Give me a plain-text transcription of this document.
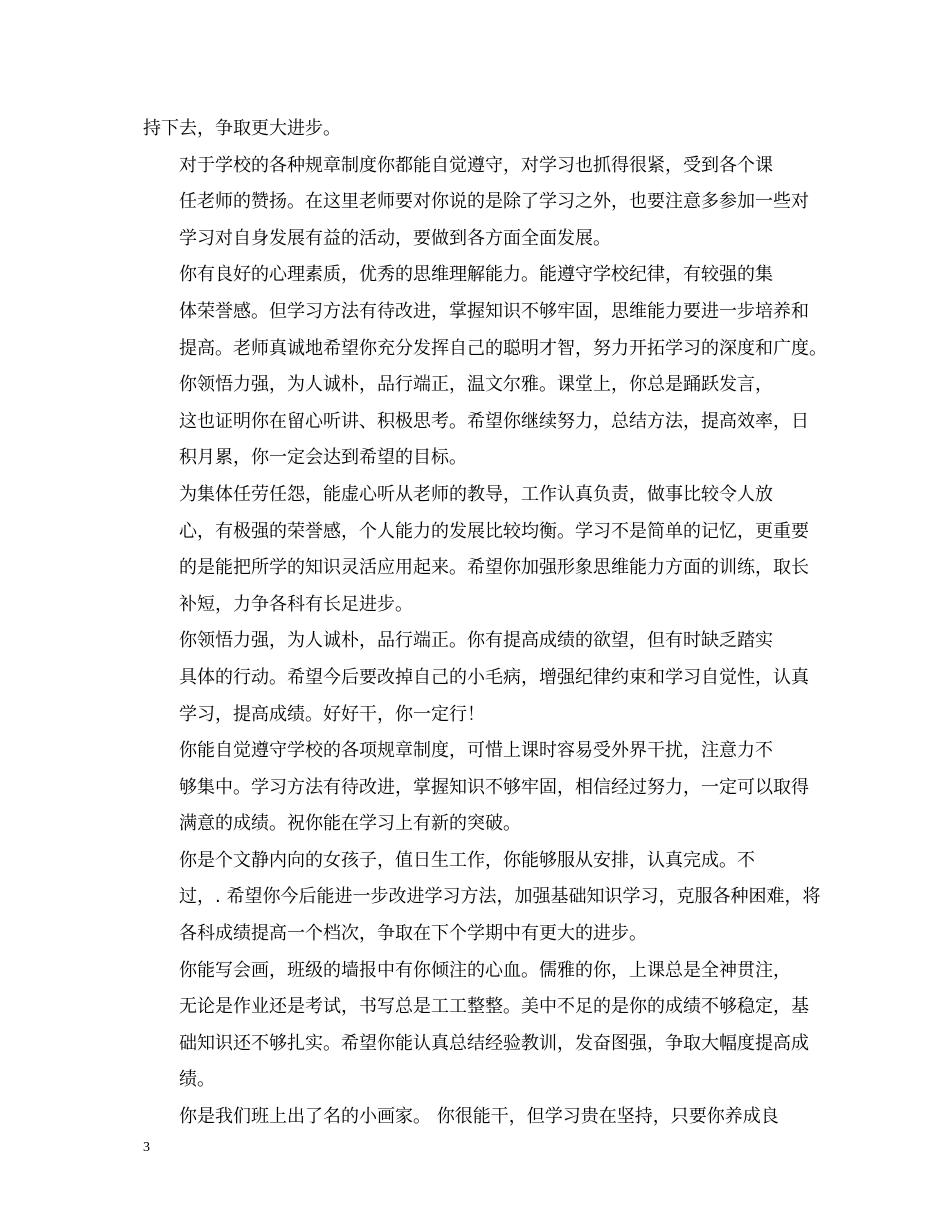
持下去，争取更大进步。
对于学校的各种规章制度你都能自觉遵守，对学习也抓得很紧，受到各个课
任老师的赞扬。在这里老师要对你说的是除了学习之外，也要注意多参加一些对
学习对自身发展有益的活动，要做到各方面全面发展。
你有良好的心理素质，优秀的思维理解能力。能遵守学校纪律，有较强的集
体荣誉感。但学习方法有待改进，掌握知识不够牢固，思维能力要进一步培养和
提高。老师真诚地希望你充分发挥自己的聪明才智，努力开拓学习的深度和广度。
你领悟力强，为人诚朴，品行端正，温文尔雅。课堂上，你总是踊跃发言，
这也证明你在留心听讲、积极思考。希望你继续努力，总结方法，提高效率，日
积月累，你一定会达到希望的目标。
为集体任劳任怨，能虚心听从老师的教导，工作认真负责，做事比较令人放
心，有极强的荣誉感，个人能力的发展比较均衡。学习不是简单的记忆，更重要
的是能把所学的知识灵活应用起来。希望你加强形象思维能力方面的训练，取长
补短，力争各科有长足进步。
你领悟力强，为人诚朴，品行端正。你有提高成绩的欲望，但有时缺乏踏实
具体的行动。希望今后要改掉自己的小毛病，增强纪律约束和学习自觉性，认真
学习，提高成绩。好好干，你一定行！
你能自觉遵守学校的各项规章制度，可惜上课时容易受外界干扰，注意力不
够集中。学习方法有待改进，掌握知识不够牢固，相信经过努力，一定可以取得
满意的成绩。祝你能在学习上有新的突破。
你是个文静内向的女孩子，值日生工作，你能够服从安排，认真完成。不
过，. 希望你今后能进一步改进学习方法，加强基础知识学习，克服各种困难，将
各科成绩提高一个档次，争取在下个学期中有更大的进步。
你能写会画，班级的墙报中有你倾注的心血。儒雅的你，上课总是全神贯注，
无论是作业还是考试，书写总是工工整整。美中不足的是你的成绩不够稳定，基
础知识还不够扎实。希望你能认真总结经验教训，发奋图强，争取大幅度提高成
绩。
你是我们班上出了名的小画家。 你很能干，但学习贵在坚持，只要你养成良
3
